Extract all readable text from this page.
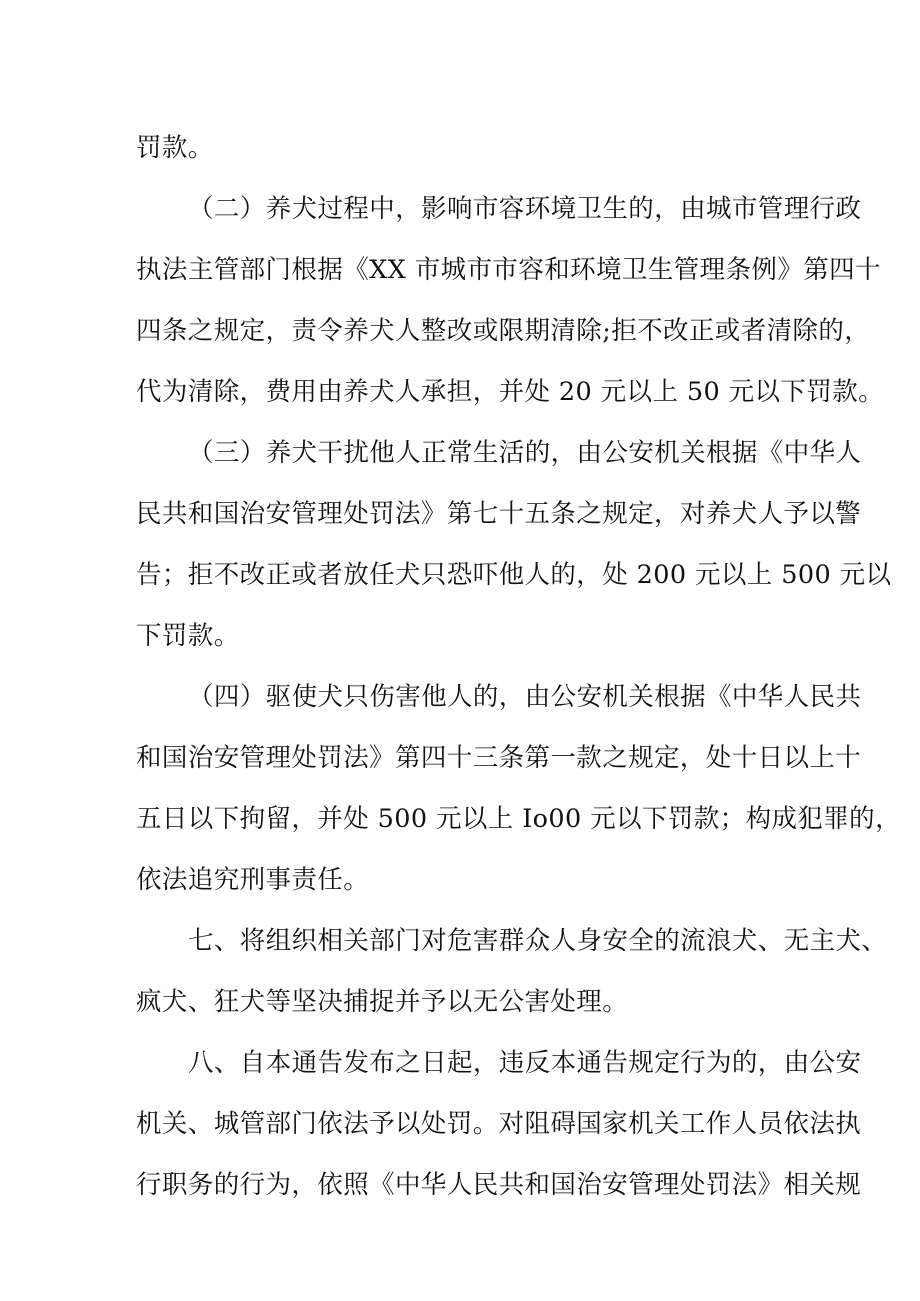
罚款。
（二）养犬过程中，影响市容环境卫生的，由城市管理行政
执法主管部门根据《XX 市城市市容和环境卫生管理条例》第四十
四条之规定，责令养犬人整改或限期清除;拒不改正或者清除的，
代为清除，费用由养犬人承担，并处 20 元以上 50 元以下罚款。
（三）养犬干扰他人正常生活的，由公安机关根据《中华人
民共和国治安管理处罚法》第七十五条之规定，对养犬人予以警
告；拒不改正或者放任犬只恐吓他人的，处 200 元以上 500 元以
下罚款。
（四）驱使犬只伤害他人的，由公安机关根据《中华人民共
和国治安管理处罚法》第四十三条第一款之规定，处十日以上十
五日以下拘留，并处 500 元以上 Io00 元以下罚款；构成犯罪的，
依法追究刑事责任。
七、将组织相关部门对危害群众人身安全的流浪犬、无主犬、
疯犬、狂犬等坚决捕捉并予以无公害处理。
八、自本通告发布之日起，违反本通告规定行为的，由公安
机关、城管部门依法予以处罚。对阻碍国家机关工作人员依法执
行职务的行为，依照《中华人民共和国治安管理处罚法》相关规
